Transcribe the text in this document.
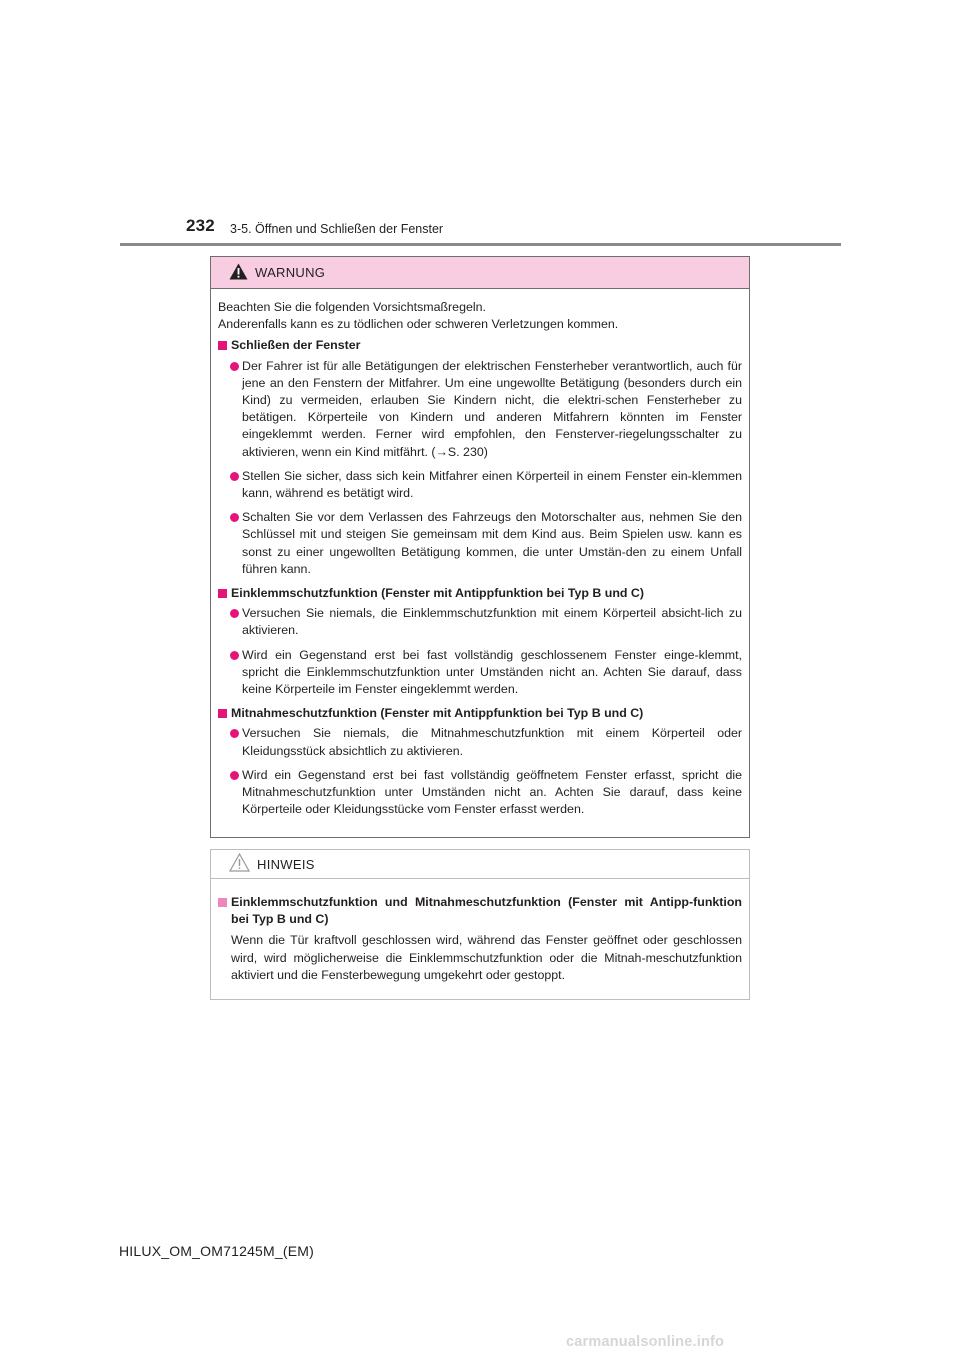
232 3-5. Öffnen und Schließen der Fenster
WARNUNG
Beachten Sie die folgenden Vorsichtsmaßregeln.
Anderenfalls kann es zu tödlichen oder schweren Verletzungen kommen.
Schließen der Fenster
Der Fahrer ist für alle Betätigungen der elektrischen Fensterheber verantwortlich, auch für jene an den Fenstern der Mitfahrer. Um eine ungewollte Betätigung (besonders durch ein Kind) zu vermeiden, erlauben Sie Kindern nicht, die elektri-schen Fensterheber zu betätigen. Körperteile von Kindern und anderen Mitfahrern könnten im Fenster eingeklemmt werden. Ferner wird empfohlen, den Fensterver-riegelungsschalter zu aktivieren, wenn ein Kind mitfährt. (→S. 230)
Stellen Sie sicher, dass sich kein Mitfahrer einen Körperteil in einem Fenster ein-klemmen kann, während es betätigt wird.
Schalten Sie vor dem Verlassen des Fahrzeugs den Motorschalter aus, nehmen Sie den Schlüssel mit und steigen Sie gemeinsam mit dem Kind aus. Beim Spielen usw. kann es sonst zu einer ungewollten Betätigung kommen, die unter Umstän-den zu einem Unfall führen kann.
Einklemmschutzfunktion (Fenster mit Antippfunktion bei Typ B und C)
Versuchen Sie niemals, die Einklemmschutzfunktion mit einem Körperteil absicht-lich zu aktivieren.
Wird ein Gegenstand erst bei fast vollständig geschlossenem Fenster einge-klemmt, spricht die Einklemmschutzfunktion unter Umständen nicht an. Achten Sie darauf, dass keine Körperteile im Fenster eingeklemmt werden.
Mitnahmeschutzfunktion (Fenster mit Antippfunktion bei Typ B und C)
Versuchen Sie niemals, die Mitnahmeschutzfunktion mit einem Körperteil oder Kleidungsstück absichtlich zu aktivieren.
Wird ein Gegenstand erst bei fast vollständig geöffnetem Fenster erfasst, spricht die Mitnahmeschutzfunktion unter Umständen nicht an. Achten Sie darauf, dass keine Körperteile oder Kleidungsstücke vom Fenster erfasst werden.
HINWEIS
Einklemmschutzfunktion und Mitnahmeschutzfunktion (Fenster mit Antipp-funktion bei Typ B und C)
Wenn die Tür kraftvoll geschlossen wird, während das Fenster geöffnet oder geschlossen wird, wird möglicherweise die Einklemmschutzfunktion oder die Mitnah-meschutzfunktion aktiviert und die Fensterbewegung umgekehrt oder gestoppt.
HILUX_OM_OM71245M_(EM)
carmanualsonline.info
